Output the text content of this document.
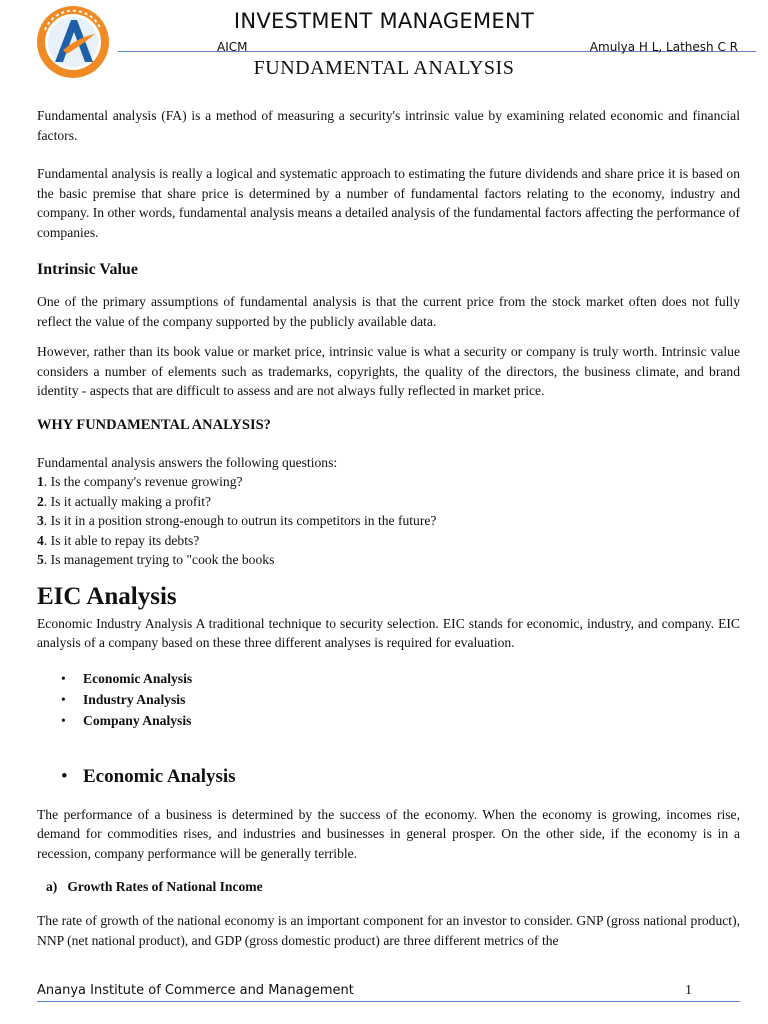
INVESTMENT MANAGEMENT
AICM	Amulya H L, Lathesh C R
FUNDAMENTAL ANALYSIS

Fundamental analysis (FA) is a method of measuring a security's intrinsic value by examining related economic and financial factors.

Fundamental analysis is really a logical and systematic approach to estimating the future dividends and share price it is based on the basic premise that share price is determined by a number of fundamental factors relating to the economy, industry and company. In other words, fundamental analysis means a detailed analysis of the fundamental factors affecting the performance of companies.

Intrinsic Value

One of the primary assumptions of fundamental analysis is that the current price from the stock market often does not fully reflect the value of the company supported by the publicly available data.

However, rather than its book value or market price, intrinsic value is what a security or company is truly worth. Intrinsic value considers a number of elements such as trademarks, copyrights, the quality of the directors, the business climate, and brand identity - aspects that are difficult to assess and are not always fully reflected in market price.

WHY FUNDAMENTAL ANALYSIS?

Fundamental analysis answers the following questions:

1. Is the company's revenue growing?
2. Is it actually making a profit?
3. Is it in a position strong-enough to outrun its competitors in the future?
4. Is it able to repay its debts?
5. Is management trying to "cook the books
EIC Analysis

Economic Industry Analysis A traditional technique to security selection. EIC stands for economic, industry, and company. EIC analysis of a company based on these three different analyses is required for evaluation.

• Economic Analysis
• Industry Analysis
• Company Analysis
• Economic Analysis

The performance of a business is determined by the success of the economy. When the economy is growing, incomes rise, demand for commodities rises, and industries and businesses in general prosper. On the other side, if the economy is in a recession, company performance will be generally terrible.

a) Growth Rates of National Income

The rate of growth of the national economy is an important component for an investor to consider. GNP (gross national product), NNP (net national product), and GDP (gross domestic product) are three different metrics of the

Ananya Institute of Commerce and Management	1
